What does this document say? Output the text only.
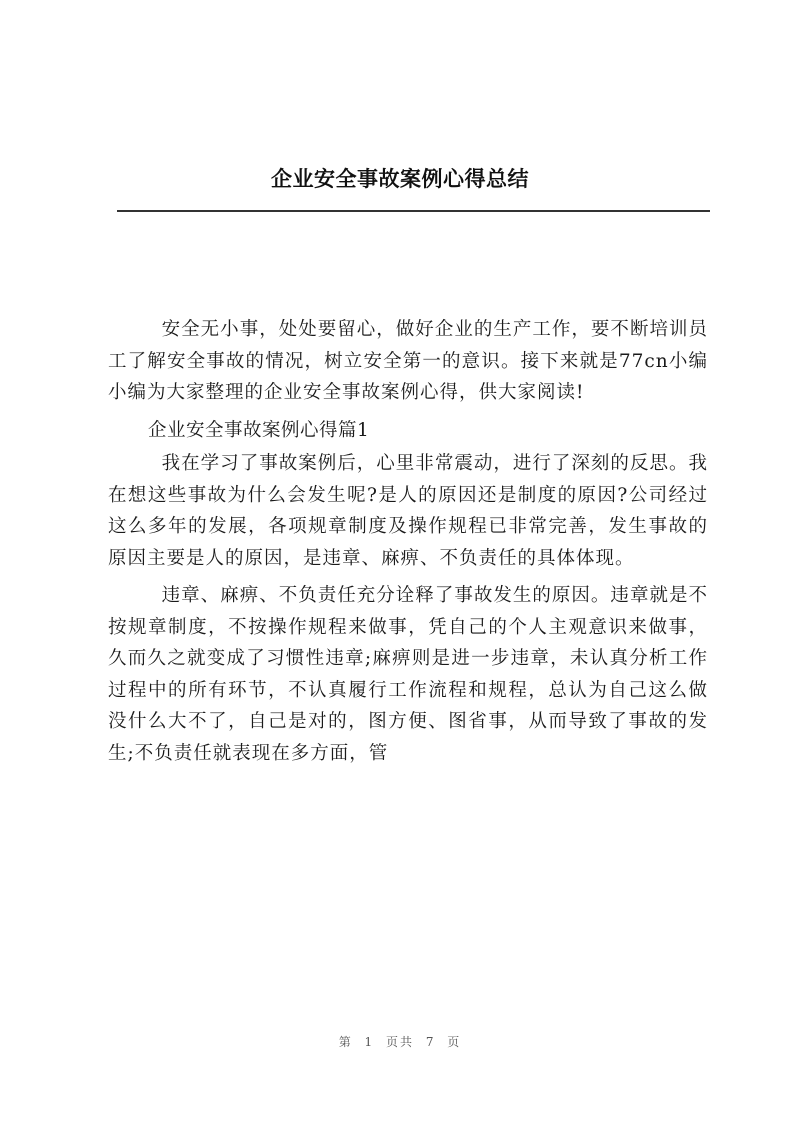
企业安全事故案例心得总结

安全无小事，处处要留心，做好企业的生产工作，要不断培训员工了解安全事故的情况，树立安全第一的意识。接下来就是77cn小编小编为大家整理的企业安全事故案例心得，供大家阅读!

企业安全事故案例心得篇1

我在学习了事故案例后，心里非常震动，进行了深刻的反思。我在想这些事故为什么会发生呢?是人的原因还是制度的原因?公司经过这么多年的发展，各项规章制度及操作规程已非常完善，发生事故的原因主要是人的原因，是违章、麻痹、不负责任的具体体现。

违章、麻痹、不负责任充分诠释了事故发生的原因。违章就是不按规章制度，不按操作规程来做事，凭自己的个人主观意识来做事，久而久之就变成了习惯性违章;麻痹则是进一步违章，未认真分析工作过程中的所有环节，不认真履行工作流程和规程，总认为自己这么做没什么大不了，自己是对的，图方便、图省事，从而导致了事故的发生;不负责任就表现在多方面，管

第 1 页共 7 页
